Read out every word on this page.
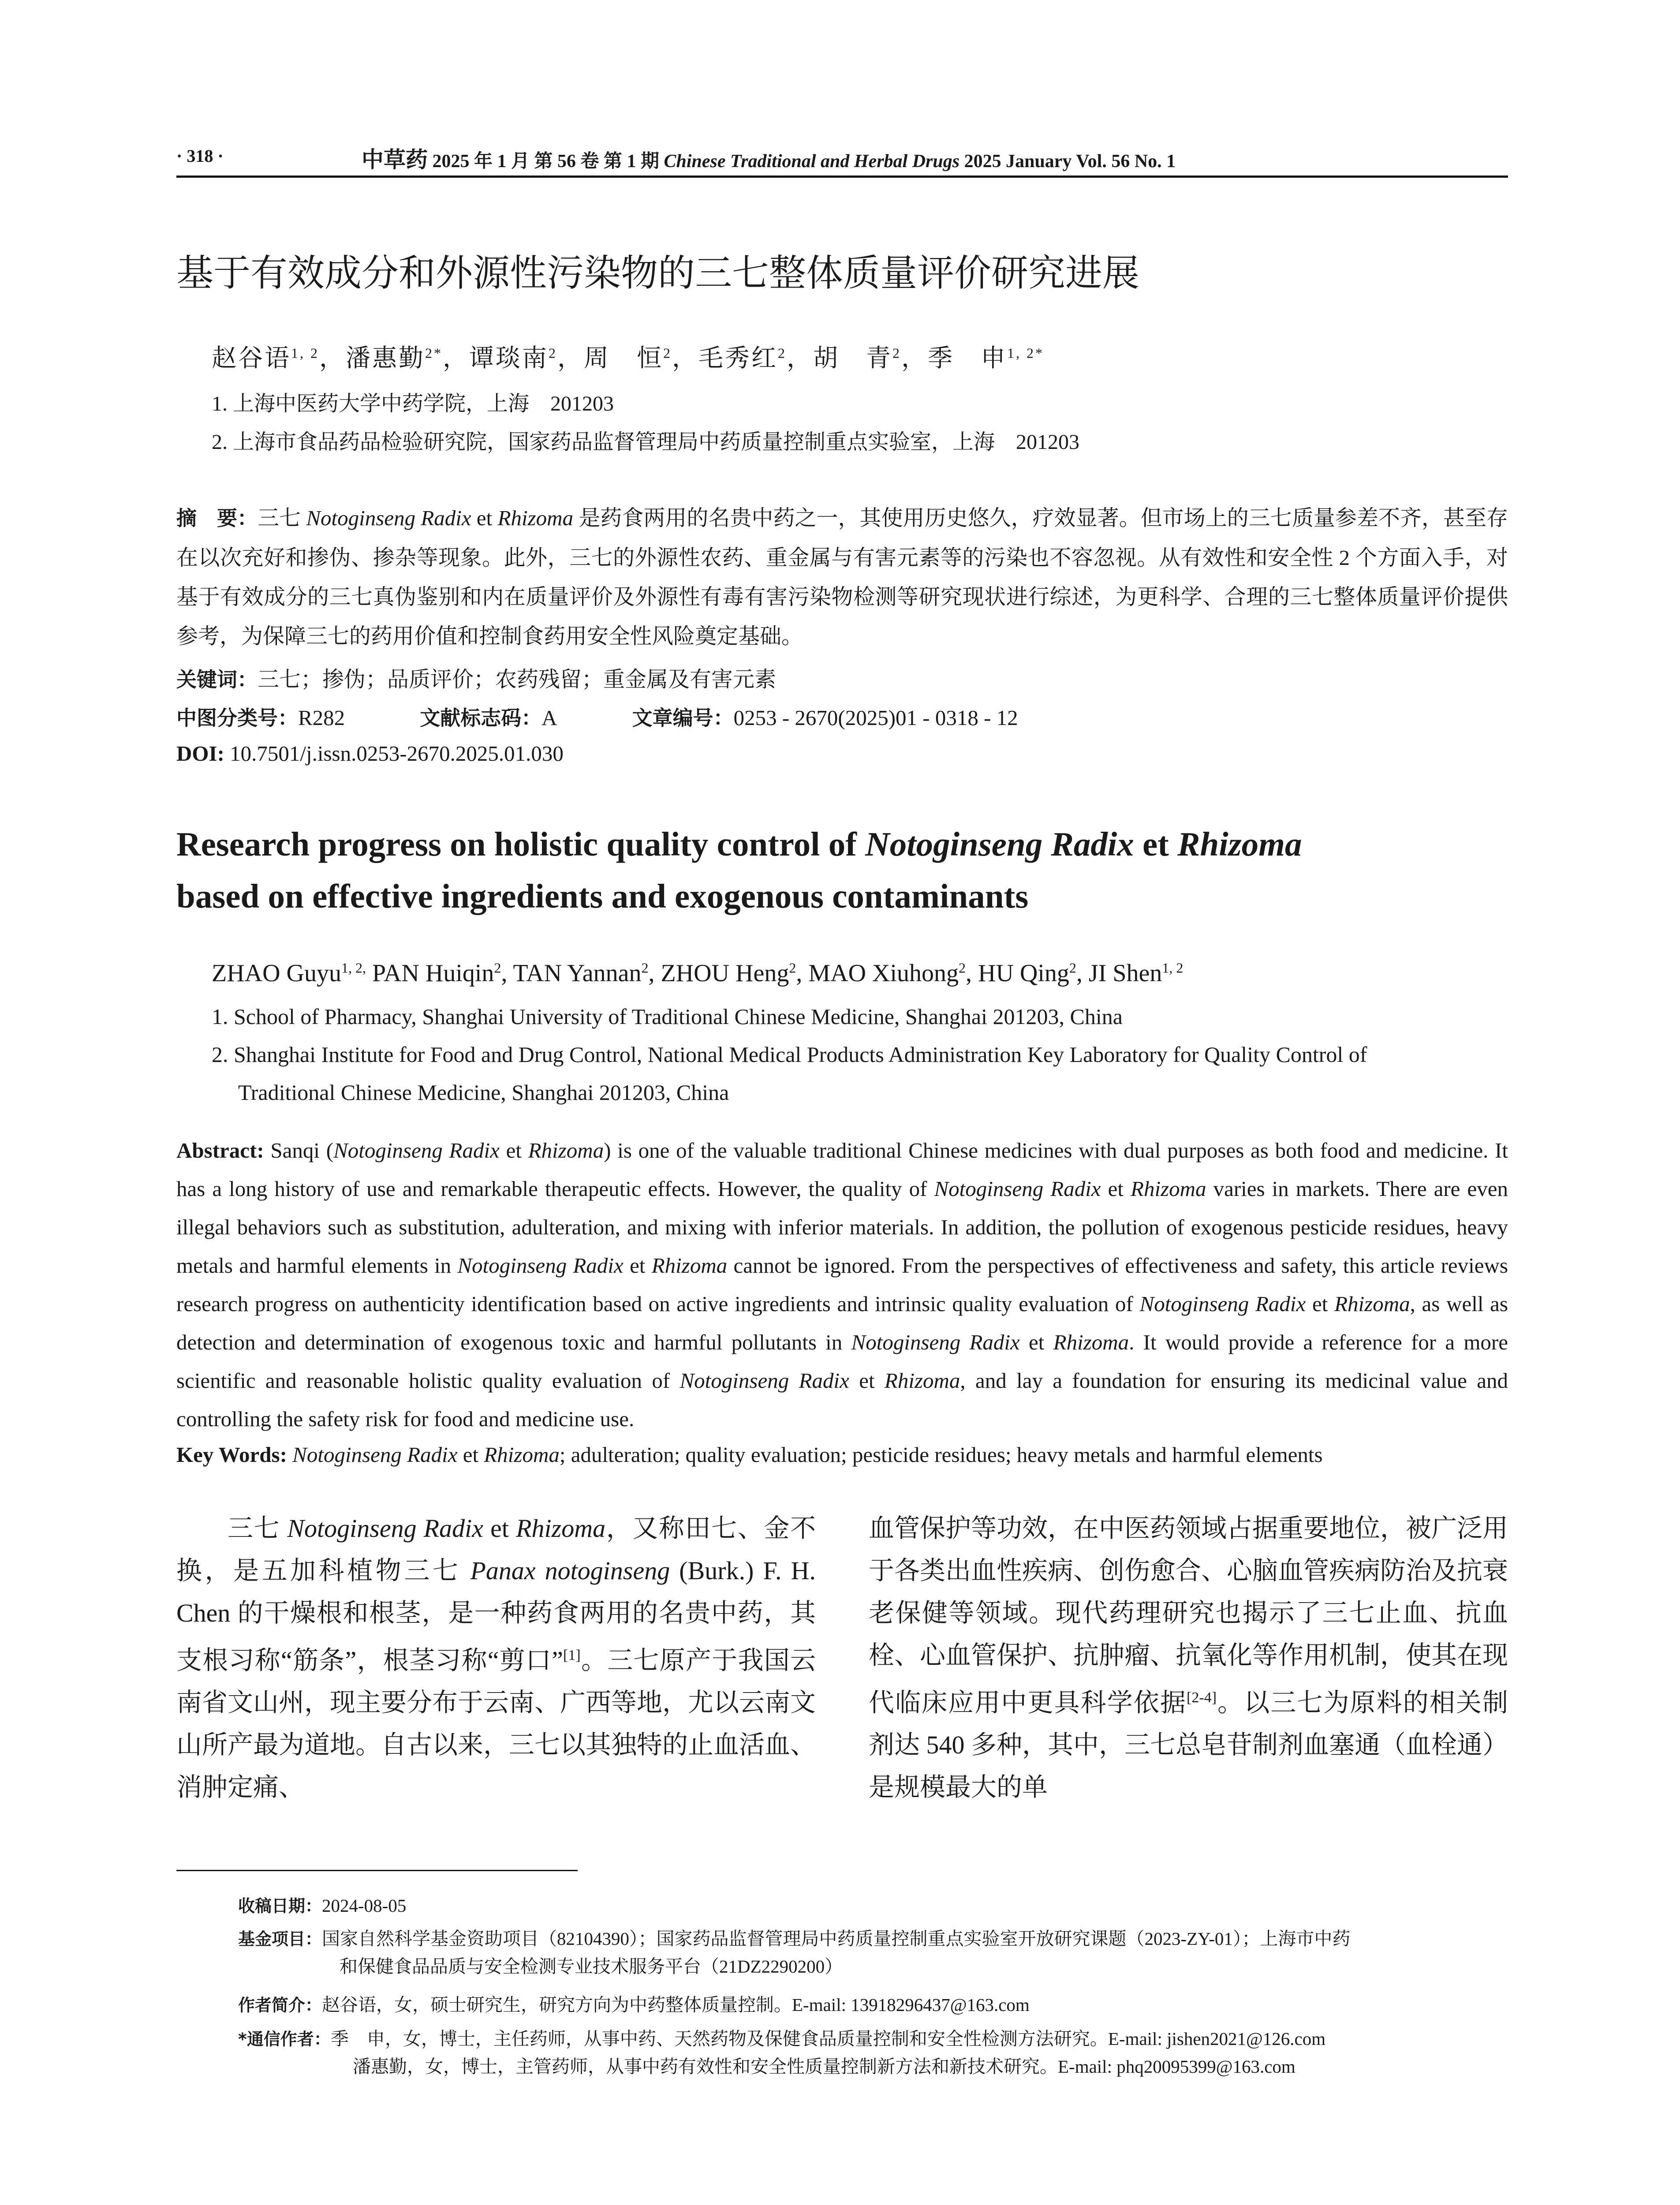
· 318 ·	中草药 2025 年 1 月 第 56 卷 第 1 期 Chinese Traditional and Herbal Drugs 2025 January Vol. 56 No. 1
基于有效成分和外源性污染物的三七整体质量评价研究进展
赵谷语$^{1, 2}$，潘惠勤$^{2*}$，谭琰南$^2$，周　恒$^2$，毛秀红$^2$，胡　青$^2$，季　申$^{1, 2*}$
1. 上海中医药大学中药学院，上海　201203
2. 上海市食品药品检验研究院，国家药品监督管理局中药质量控制重点实验室，上海　201203
摘　要：三七 Notoginseng Radix et Rhizoma 是药食两用的名贵中药之一，其使用历史悠久，疗效显著。但市场上的三七质量参差不齐，甚至存在以次充好和掺伪、掺杂等现象。此外，三七的外源性农药、重金属与有害元素等的污染也不容忽视。从有效性和安全性 2 个方面入手，对基于有效成分的三七真伪鉴别和内在质量评价及外源性有毒有害污染物检测等研究现状进行综述，为更科学、合理的三七整体质量评价提供参考，为保障三七的药用价值和控制食药用安全性风险奠定基础。
关键词：三七；掺伪；品质评价；农药残留；重金属及有害元素
中图分类号：R282	文献标志码：A	文章编号：0253 - 2670(2025)01 - 0318 - 12
DOI: 10.7501/j.issn.0253-2670.2025.01.030
Research progress on holistic quality control of Notoginseng Radix et Rhizoma
based on effective ingredients and exogenous contaminants
ZHAO Guyu$^{1, 2,}$ PAN Huiqin$^2$, TAN Yannan$^2$, ZHOU Heng$^2$, MAO Xiuhong$^2$, HU Qing$^2$, JI Shen$^{1, 2}$
1. School of Pharmacy, Shanghai University of Traditional Chinese Medicine, Shanghai 201203, China
2. Shanghai Institute for Food and Drug Control, National Medical Products Administration Key Laboratory for Quality Control of
Traditional Chinese Medicine, Shanghai 201203, China
Abstract: Sanqi (Notoginseng Radix et Rhizoma) is one of the valuable traditional Chinese medicines with dual purposes as both food and medicine. It has a long history of use and remarkable therapeutic effects. However, the quality of Notoginseng Radix et Rhizoma varies in markets. There are even illegal behaviors such as substitution, adulteration, and mixing with inferior materials. In addition, the pollution of exogenous pesticide residues, heavy metals and harmful elements in Notoginseng Radix et Rhizoma cannot be ignored. From the perspectives of effectiveness and safety, this article reviews research progress on authenticity identification based on active ingredients and intrinsic quality evaluation of Notoginseng Radix et Rhizoma, as well as detection and determination of exogenous toxic and harmful pollutants in Notoginseng Radix et Rhizoma. It would provide a reference for a more scientific and reasonable holistic quality evaluation of Notoginseng Radix et Rhizoma, and lay a foundation for ensuring its medicinal value and controlling the safety risk for food and medicine use.
Key Words: Notoginseng Radix et Rhizoma; adulteration; quality evaluation; pesticide residues; heavy metals and harmful elements
三七 Notoginseng Radix et Rhizoma，又称田七、金不换，是五加科植物三七 Panax notoginseng (Burk.) F. H. Chen 的干燥根和根茎，是一种药食两用的名贵中药，其支根习称“筋条”，根茎习称“剪口”[1]。三七原产于我国云南省文山州，现主要分布于云南、广西等地，尤以云南文山所产最为道地。自古以来，三七以其独特的止血活血、消肿定痛、
血管保护等功效，在中医药领域占据重要地位，被广泛用于各类出血性疾病、创伤愈合、心脑血管疾病防治及抗衰老保健等领域。现代药理研究也揭示了三七止血、抗血栓、心血管保护、抗肿瘤、抗氧化等作用机制，使其在现代临床应用中更具科学依据[2-4]。以三七为原料的相关制剂达 540 多种，其中，三七总皂苷制剂血塞通（血栓通）是规模最大的单
收稿日期：2024-08-05
基金项目：国家自然科学基金资助项目（82104390）；国家药品监督管理局中药质量控制重点实验室开放研究课题（2023-ZY-01）；上海市中药
和保健食品品质与安全检测专业技术服务平台（21DZ2290200）
作者简介：赵谷语，女，硕士研究生，研究方向为中药整体质量控制。E-mail: 13918296437@163.com
*通信作者：季　申，女，博士，主任药师，从事中药、天然药物及保健食品质量控制和安全性检测方法研究。E-mail: jishen2021@126.com
潘惠勤，女，博士，主管药师，从事中药有效性和安全性质量控制新方法和新技术研究。E-mail: phq20095399@163.com
